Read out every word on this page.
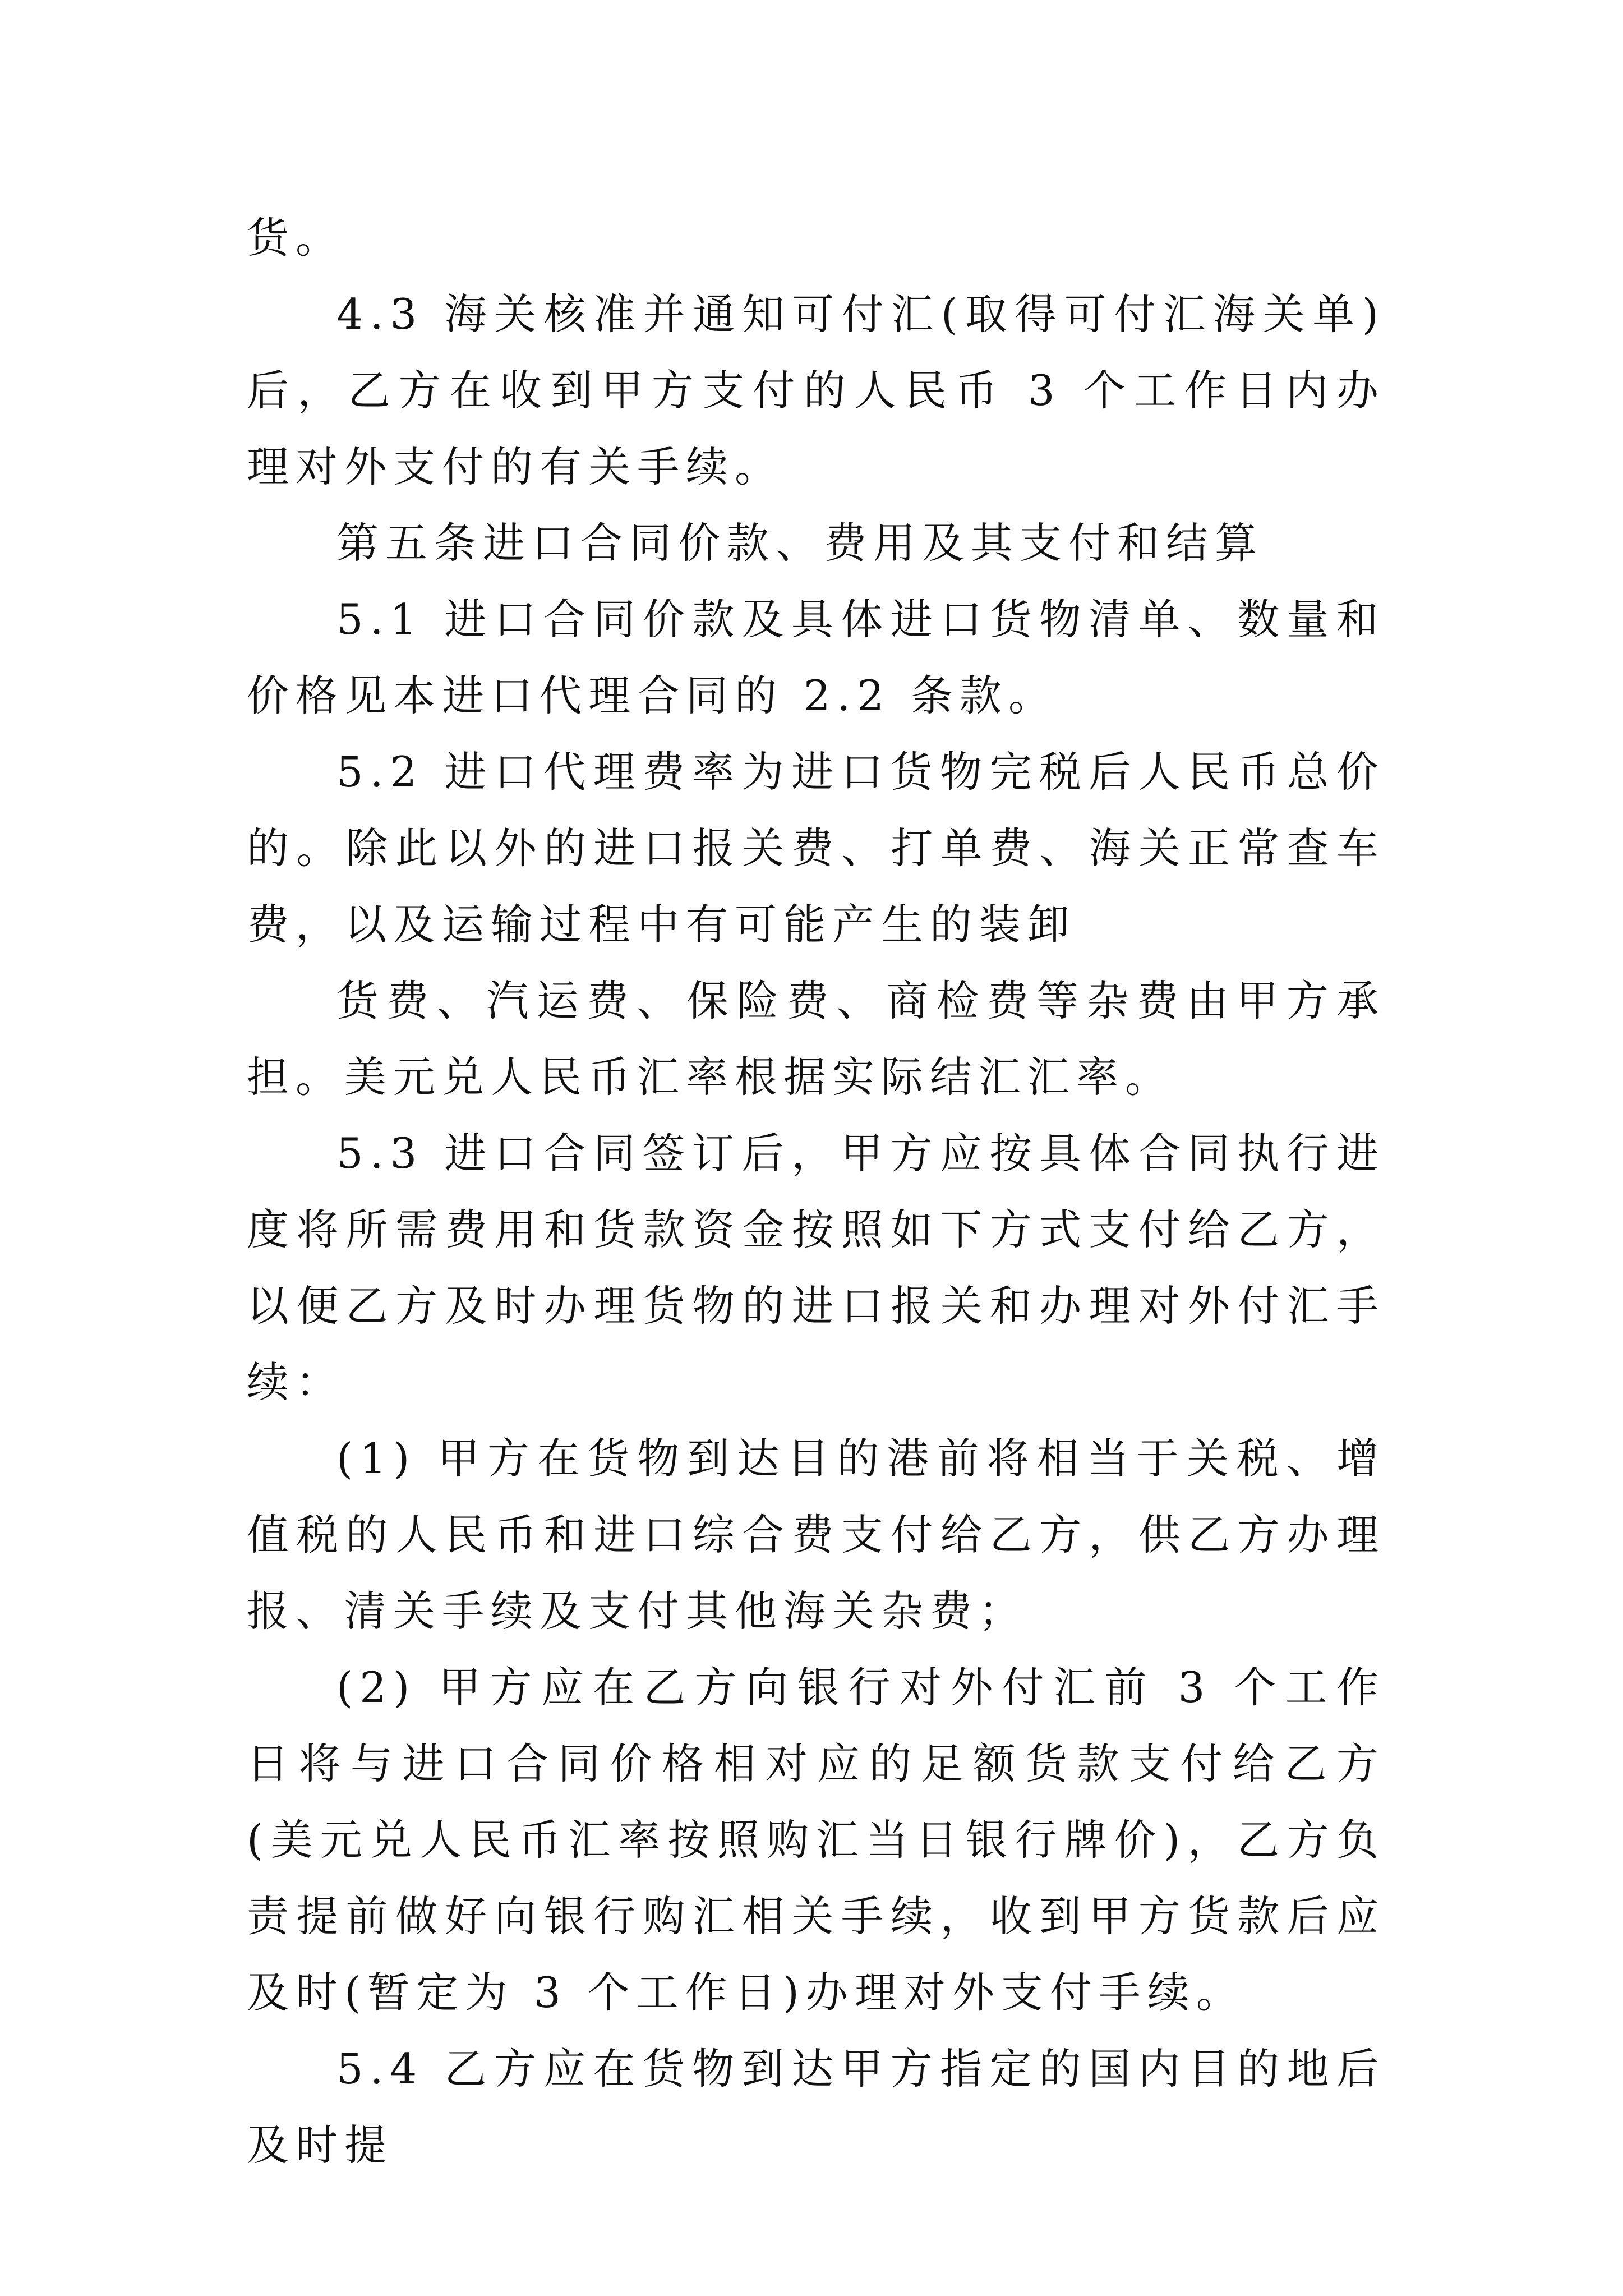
货。

4.3 海关核准并通知可付汇(取得可付汇海关单)后，乙方在收到甲方支付的人民币 3 个工作日内办理对外支付的有关手续。

第五条进口合同价款、费用及其支付和结算

5.1 进口合同价款及具体进口货物清单、数量和价格见本进口代理合同的 2.2 条款。

5.2 进口代理费率为进口货物完税后人民币总价的。除此以外的进口报关费、打单费、海关正常查车费，以及运输过程中有可能产生的装卸

货费、汽运费、保险费、商检费等杂费由甲方承担。美元兑人民币汇率根据实际结汇汇率。

5.3 进口合同签订后，甲方应按具体合同执行进度将所需费用和货款资金按照如下方式支付给乙方，以便乙方及时办理货物的进口报关和办理对外付汇手续：

(1) 甲方在货物到达目的港前将相当于关税、增值税的人民币和进口综合费支付给乙方，供乙方办理报、清关手续及支付其他海关杂费；

(2) 甲方应在乙方向银行对外付汇前 3 个工作日将与进口合同价格相对应的足额货款支付给乙方(美元兑人民币汇率按照购汇当日银行牌价)，乙方负责提前做好向银行购汇相关手续，收到甲方货款后应及时(暂定为 3 个工作日)办理对外支付手续。

5.4 乙方应在货物到达甲方指定的国内目的地后及时提
